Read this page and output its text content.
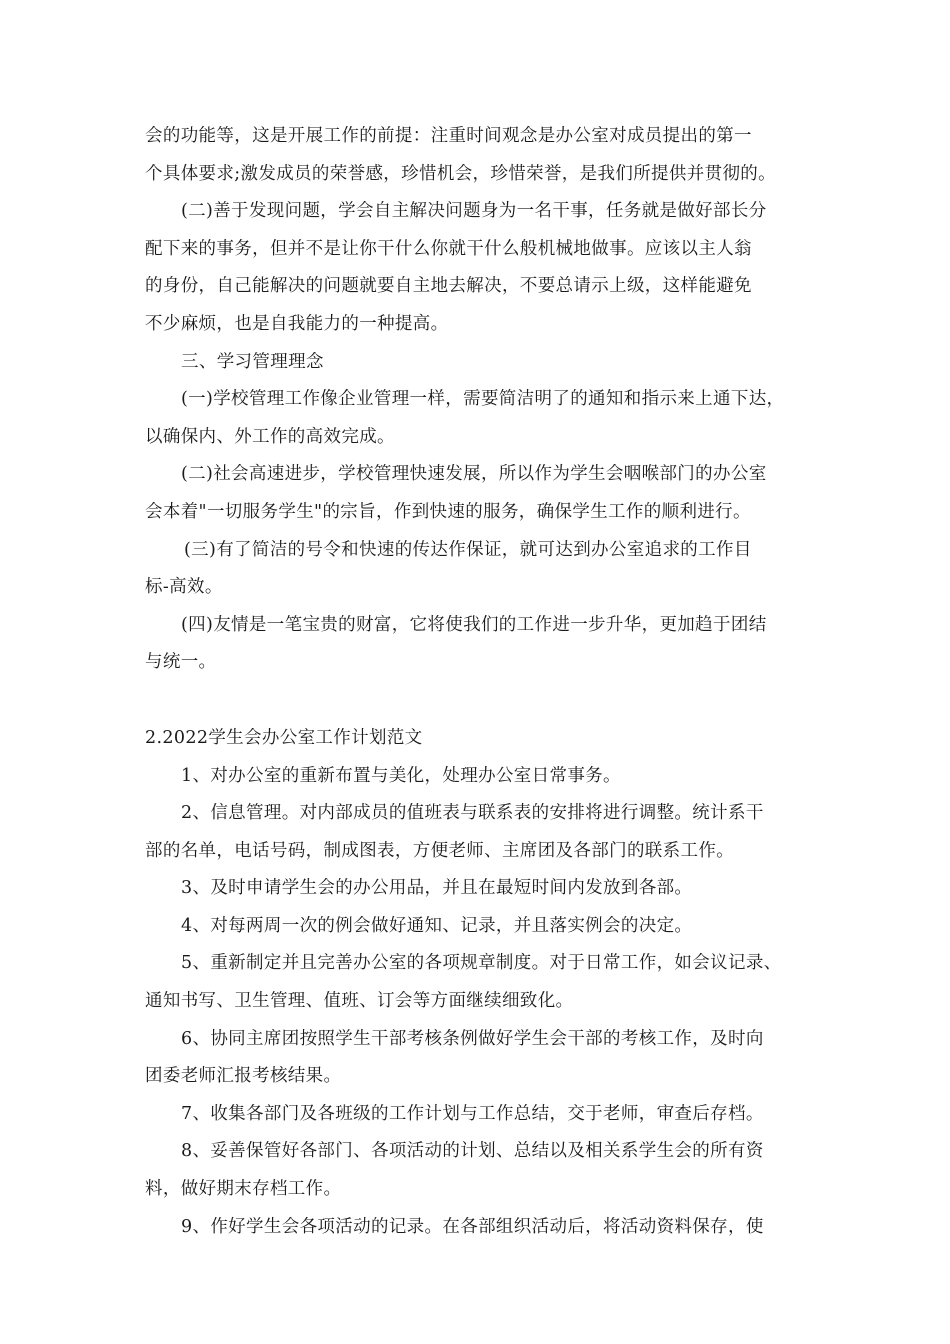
会的功能等，这是开展工作的前提：注重时间观念是办公室对成员提出的第一
个具体要求;激发成员的荣誉感，珍惜机会，珍惜荣誉，是我们所提供并贯彻的。
(二)善于发现问题，学会自主解决问题身为一名干事，任务就是做好部长分
配下来的事务，但并不是让你干什么你就干什么般机械地做事。应该以主人翁
的身份，自己能解决的问题就要自主地去解决，不要总请示上级，这样能避免
不少麻烦，也是自我能力的一种提高。
三、学习管理理念
(一)学校管理工作像企业管理一样，需要简洁明了的通知和指示来上通下达，
以确保内、外工作的高效完成。
(二)社会高速进步，学校管理快速发展，所以作为学生会咽喉部门的办公室
会本着"一切服务学生"的宗旨，作到快速的服务，确保学生工作的顺利进行。
(三)有了简洁的号令和快速的传达作保证，就可达到办公室追求的工作目
标-高效。
(四)友情是一笔宝贵的财富，它将使我们的工作进一步升华，更加趋于团结
与统一。
2.2022学生会办公室工作计划范文
1、对办公室的重新布置与美化，处理办公室日常事务。
2、信息管理。对内部成员的值班表与联系表的安排将进行调整。统计系干
部的名单，电话号码，制成图表，方便老师、主席团及各部门的联系工作。
3、及时申请学生会的办公用品，并且在最短时间内发放到各部。
4、对每两周一次的例会做好通知、记录，并且落实例会的决定。
5、重新制定并且完善办公室的各项规章制度。对于日常工作，如会议记录、
通知书写、卫生管理、值班、订会等方面继续细致化。
6、协同主席团按照学生干部考核条例做好学生会干部的考核工作，及时向
团委老师汇报考核结果。
7、收集各部门及各班级的工作计划与工作总结，交于老师，审查后存档。
8、妥善保管好各部门、各项活动的计划、总结以及相关系学生会的所有资
料，做好期末存档工作。
9、作好学生会各项活动的记录。在各部组织活动后，将活动资料保存，使
